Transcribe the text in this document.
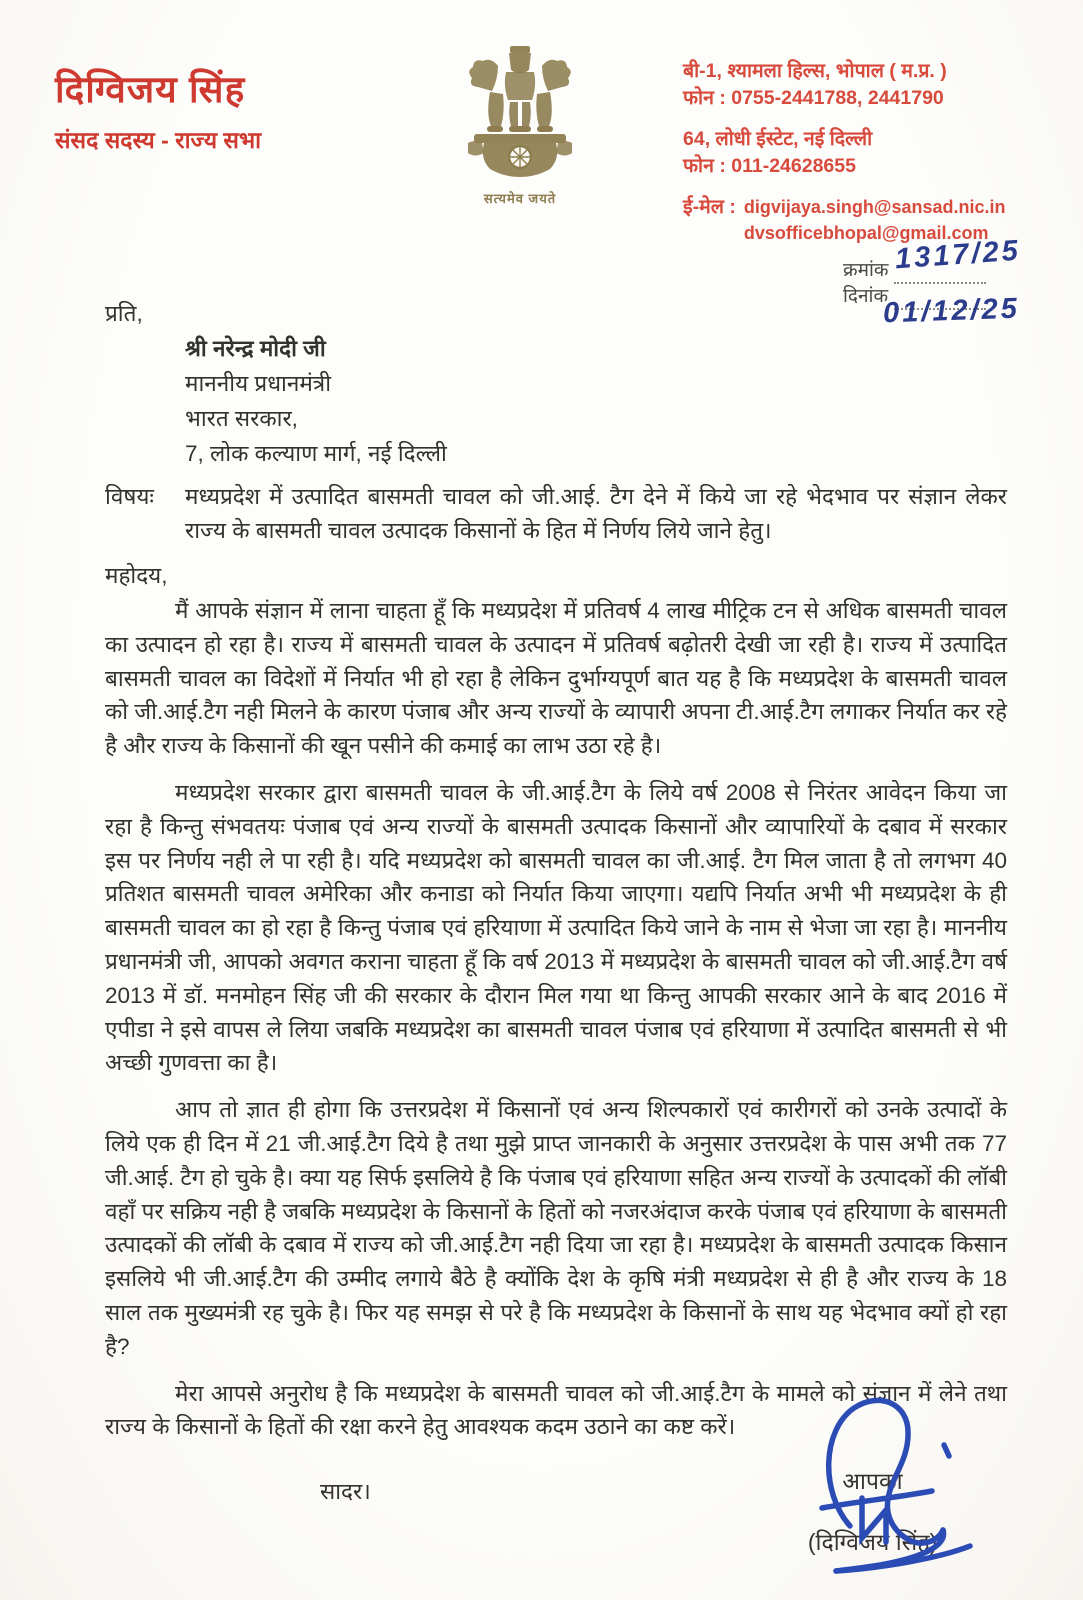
दिग्विजय सिंह
संसद सदस्य - राज्य सभा
सत्यमेव जयते
बी-1, श्यामला हिल्स, भोपाल ( म.प्र. )
फोन : 0755-2441788, 2441790
64, लोधी ईस्टेट, नई दिल्ली
फोन : 011-24628655
ई-मेल : digvijaya.singh@sansad.nic.in
dvsofficebhopal@gmail.com
क्रमांक
दिनांक
1317/25
01/12/25
प्रति,
श्री नरेन्द्र मोदी जी
माननीय प्रधानमंत्री
भारत सरकार,
7, लोक कल्याण मार्ग, नई दिल्ली
विषयः	मध्यप्रदेश में उत्पादित बासमती चावल को जी.आई. टैग देने में किये जा रहे भेदभाव पर संज्ञान लेकर राज्य के बासमती चावल उत्पादक किसानों के हित में निर्णय लिये जाने हेतु।
महोदय,

मैं आपके संज्ञान में लाना चाहता हूँ कि मध्यप्रदेश में प्रतिवर्ष 4 लाख मीट्रिक टन से अधिक बासमती चावल का उत्पादन हो रहा है। राज्य में बासमती चावल के उत्पादन में प्रतिवर्ष बढ़ोतरी देखी जा रही है। राज्य में उत्पादित बासमती चावल का विदेशों में निर्यात भी हो रहा है लेकिन दुर्भाग्यपूर्ण बात यह है कि मध्यप्रदेश के बासमती चावल को जी.आई.टैग नही मिलने के कारण पंजाब और अन्य राज्यों के व्यापारी अपना टी.आई.टैग लगाकर निर्यात कर रहे है और राज्य के किसानों की खून पसीने की कमाई का लाभ उठा रहे है।

मध्यप्रदेश सरकार द्वारा बासमती चावल के जी.आई.टैग के लिये वर्ष 2008 से निरंतर आवेदन किया जा रहा है किन्तु संभवतयः पंजाब एवं अन्य राज्यों के बासमती उत्पादक किसानों और व्यापारियों के दबाव में सरकार इस पर निर्णय नही ले पा रही है। यदि मध्यप्रदेश को बासमती चावल का जी.आई. टैग मिल जाता है तो लगभग 40 प्रतिशत बासमती चावल अमेरिका और कनाडा को निर्यात किया जाएगा। यद्यपि निर्यात अभी भी मध्यप्रदेश के ही बासमती चावल का हो रहा है किन्तु पंजाब एवं हरियाणा में उत्पादित किये जाने के नाम से भेजा जा रहा है। माननीय प्रधानमंत्री जी, आपको अवगत कराना चाहता हूँ कि वर्ष 2013 में मध्यप्रदेश के बासमती चावल को जी.आई.टैग वर्ष 2013 में डॉ. मनमोहन सिंह जी की सरकार के दौरान मिल गया था किन्तु आपकी सरकार आने के बाद 2016 में एपीडा ने इसे वापस ले लिया जबकि मध्यप्रदेश का बासमती चावल पंजाब एवं हरियाणा में उत्पादित बासमती से भी अच्छी गुणवत्ता का है।

आप तो ज्ञात ही होगा कि उत्तरप्रदेश में किसानों एवं अन्य शिल्पकारों एवं कारीगरों को उनके उत्पादों के लिये एक ही दिन में 21 जी.आई.टैग दिये है तथा मुझे प्राप्त जानकारी के अनुसार उत्तरप्रदेश के पास अभी तक 77 जी.आई. टैग हो चुके है। क्या यह सिर्फ इसलिये है कि पंजाब एवं हरियाणा सहित अन्य राज्यों के उत्पादकों की लॉबी वहाँ पर सक्रिय नही है जबकि मध्यप्रदेश के किसानों के हितों को नजरअंदाज करके पंजाब एवं हरियाणा के बासमती उत्पादकों की लॉबी के दबाव में राज्य को जी.आई.टैग नही दिया जा रहा है। मध्यप्रदेश के बासमती उत्पादक किसान इसलिये भी जी.आई.टैग की उम्मीद लगाये बैठे है क्योंकि देश के कृषि मंत्री मध्यप्रदेश से ही है और राज्य के 18 साल तक मुख्यमंत्री रह चुके है। फिर यह समझ से परे है कि मध्यप्रदेश के किसानों के साथ यह भेदभाव क्यों हो रहा है?

मेरा आपसे अनुरोध है कि मध्यप्रदेश के बासमती चावल को जी.आई.टैग के मामले को संज्ञान में लेने तथा राज्य के किसानों के हितों की रक्षा करने हेतु आवश्यक कदम उठाने का कष्ट करें।

सादर।	आपका
(दिग्विजय सिंह)
